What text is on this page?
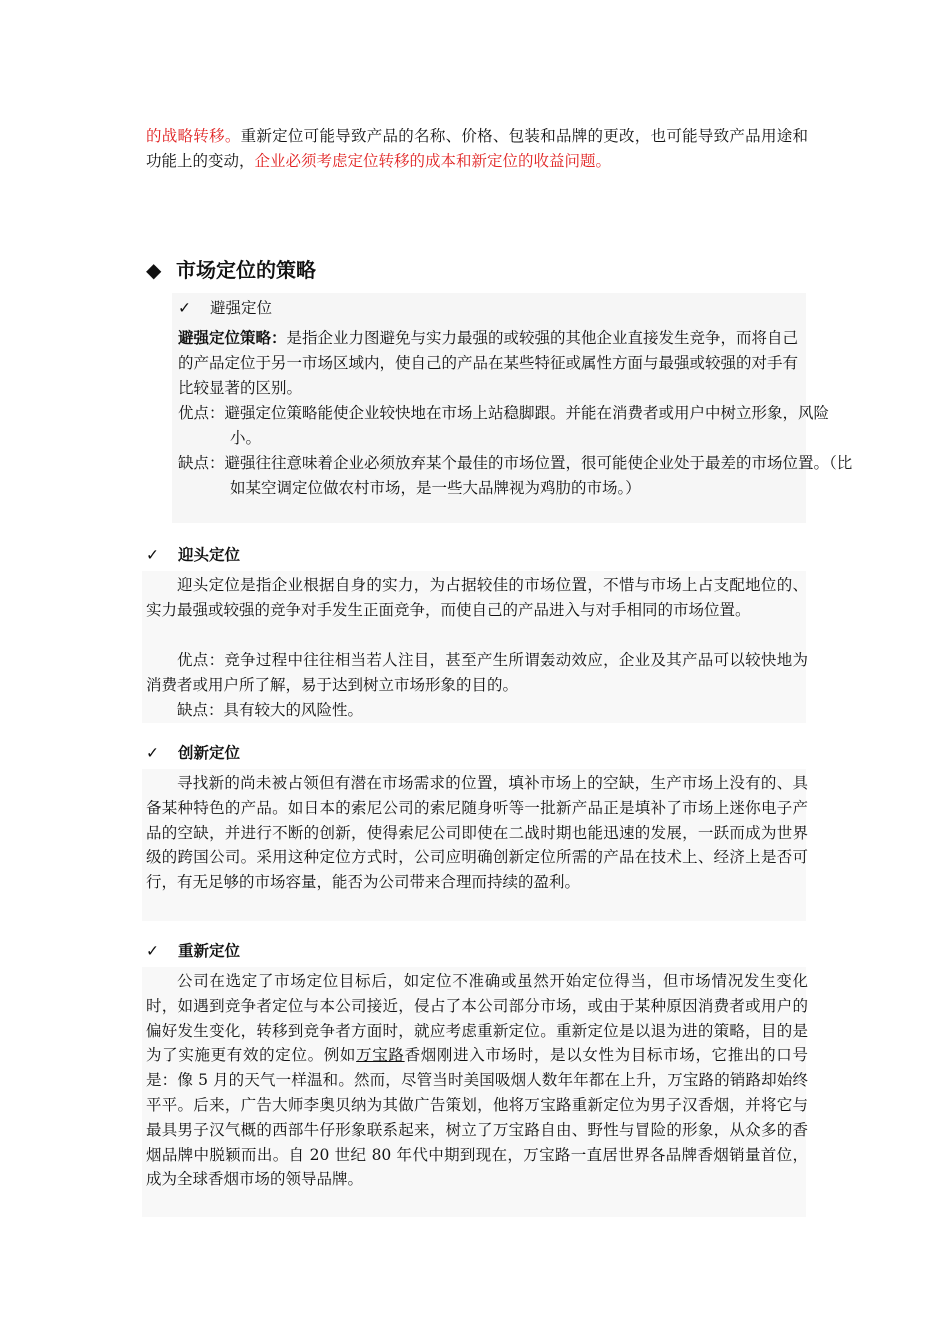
的战略转移。重新定位可能导致产品的名称、价格、包装和品牌的更改，也可能导致产品用途和功能上的变动，企业必须考虑定位转移的成本和新定位的收益问题。

◆ 市场定位的策略
✓ 避强定位

避强定位策略：是指企业力图避免与实力最强的或较强的其他企业直接发生竞争，而将自己的产品定位于另一市场区域内，使自己的产品在某些特征或属性方面与最强或较强的对手有比较显著的区别。

优点：避强定位策略能使企业较快地在市场上站稳脚跟。并能在消费者或用户中树立形象，风险小。

缺点：避强往往意味着企业必须放弃某个最佳的市场位置，很可能使企业处于最差的市场位置。（比如某空调定位做农村市场，是一些大品牌视为鸡肋的市场。）

✓ 迎头定位

迎头定位是指企业根据自身的实力，为占据较佳的市场位置，不惜与市场上占支配地位的、实力最强或较强的竞争对手发生正面竞争，而使自己的产品进入与对手相同的市场位置。

优点：竞争过程中往往相当若人注目，甚至产生所谓轰动效应，企业及其产品可以较快地为消费者或用户所了解，易于达到树立市场形象的目的。

缺点：具有较大的风险性。

✓ 创新定位

寻找新的尚未被占领但有潜在市场需求的位置，填补市场上的空缺，生产市场上没有的、具备某种特色的产品。如日本的索尼公司的索尼随身听等一批新产品正是填补了市场上迷你电子产品的空缺，并进行不断的创新，使得索尼公司即使在二战时期也能迅速的发展，一跃而成为世界级的跨国公司。采用这种定位方式时，公司应明确创新定位所需的产品在技术上、经济上是否可行，有无足够的市场容量，能否为公司带来合理而持续的盈利。

✓ 重新定位

公司在选定了市场定位目标后，如定位不准确或虽然开始定位得当，但市场情况发生变化时，如遇到竞争者定位与本公司接近，侵占了本公司部分市场，或由于某种原因消费者或用户的偏好发生变化，转移到竞争者方面时，就应考虑重新定位。重新定位是以退为进的策略，目的是为了实施更有效的定位。例如万宝路香烟刚进入市场时，是以女性为目标市场，它推出的口号是：像 5 月的天气一样温和。然而，尽管当时美国吸烟人数年年都在上升，万宝路的销路却始终平平。后来，广告大师李奥贝纳为其做广告策划，他将万宝路重新定位为男子汉香烟，并将它与最具男子汉气概的西部牛仔形象联系起来，树立了万宝路自由、野性与冒险的形象，从众多的香烟品牌中脱颖而出。自 20 世纪 80 年代中期到现在，万宝路一直居世界各品牌香烟销量首位，成为全球香烟市场的领导品牌。
